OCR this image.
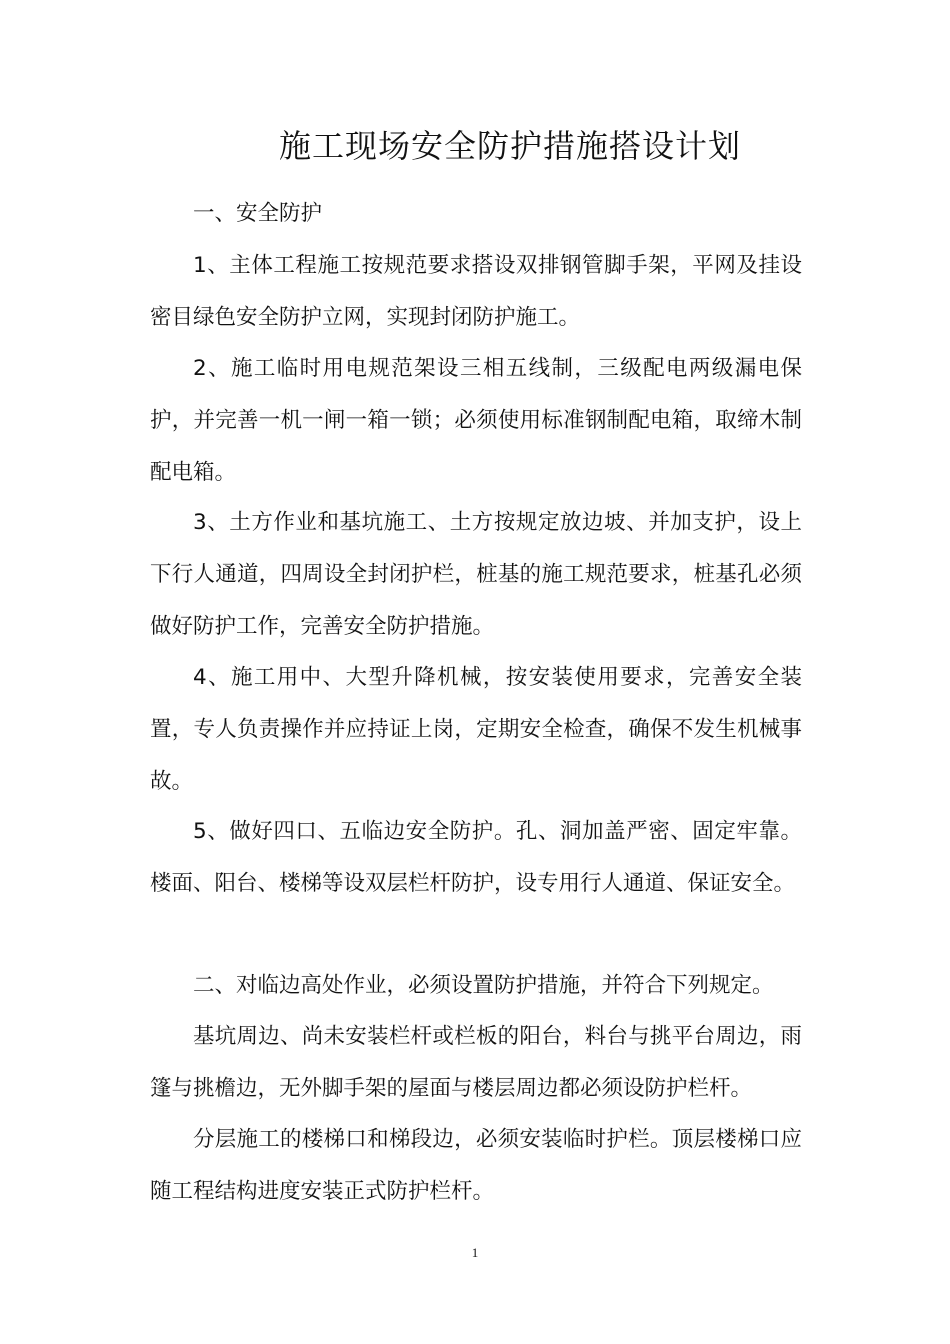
施工现场安全防护措施搭设计划

一、安全防护

1、主体工程施工按规范要求搭设双排钢管脚手架，平网及挂设密目绿色安全防护立网，实现封闭防护施工。

2、施工临时用电规范架设三相五线制，三级配电两级漏电保护，并完善一机一闸一箱一锁；必须使用标准钢制配电箱，取缔木制配电箱。

3、土方作业和基坑施工、土方按规定放边坡、并加支护，设上下行人通道，四周设全封闭护栏，桩基的施工规范要求，桩基孔必须做好防护工作，完善安全防护措施。

4、施工用中、大型升降机械，按安装使用要求，完善安全装置，专人负责操作并应持证上岗，定期安全检查，确保不发生机械事故。

5、做好四口、五临边安全防护。孔、洞加盖严密、固定牢靠。楼面、阳台、楼梯等设双层栏杆防护，设专用行人通道、保证安全。

二、对临边高处作业，必须设置防护措施，并符合下列规定。

基坑周边、尚未安装栏杆或栏板的阳台，料台与挑平台周边，雨篷与挑檐边，无外脚手架的屋面与楼层周边都必须设防护栏杆。

分层施工的楼梯口和梯段边，必须安装临时护栏。顶层楼梯口应随工程结构进度安装正式防护栏杆。

1
